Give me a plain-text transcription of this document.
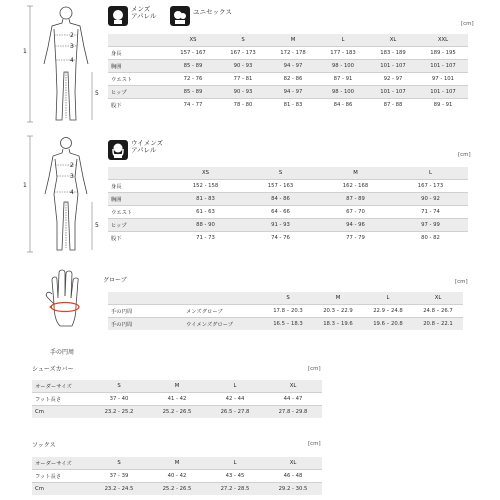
1
2
3
4
5
メンズ
アパレル	ユニセックス
[cm]
	XS	S	M	L	XL	XXL
身長	157 - 167	167 - 173	172 - 178	177 - 183	183 - 189	189 - 195
胸囲	85 - 89	90 - 93	94 - 97	98 - 100	101 - 107	101 - 107
ウエスト	72 - 76	77 - 81	82 - 86	87 - 91	92 - 97	97 - 101
ヒップ	85 - 89	90 - 93	94 - 97	98 - 100	101 - 107	101 - 107
股下	74 - 77	78 - 80	81 - 83	84 - 86	87 - 88	89 - 91
1
2
3
4
5
ウイメンズ
アパレル
[cm]
	XS	S	M	L
身長	152 - 158	157 - 163	162 - 168	167 - 173
胸囲	81 - 83	84 - 86	87 - 89	90 - 92
ウエスト	61 - 63	64 - 66	67 - 70	71 - 74
ヒップ	88 - 90	91 - 93	94 - 96	97 - 99
股下	71 - 73	74 - 76	77 - 79	80 - 82
手の円周
グローブ	[cm]
		S	M	L	XL
手の円周	メンズグローブ	17.8 – 20.3	20.3 – 22.9	22.9 – 24.8	24.8 – 26.7
手の円周	ウイメンズグローブ	16.5 – 18.3	18.3 – 19.6	19.6 – 20.8	20.8 – 22.1
シューズカバー	[cm]
オーダーサイズ	S	M	L	XL
フット長さ	37 - 40	41 - 42	42 - 44	44 - 47
Cm	23.2 - 25.2	25.2 - 26.5	26.5 - 27.8	27.8 - 29.8
ソックス	[cm]
オーダーサイズ	S	M	L	XL
フット長さ	37 - 39	40 - 42	43 - 45	46 - 48
Cm	23.2 - 24.5	25.2 - 26.5	27.2 - 28.5	29.2 - 30.5
